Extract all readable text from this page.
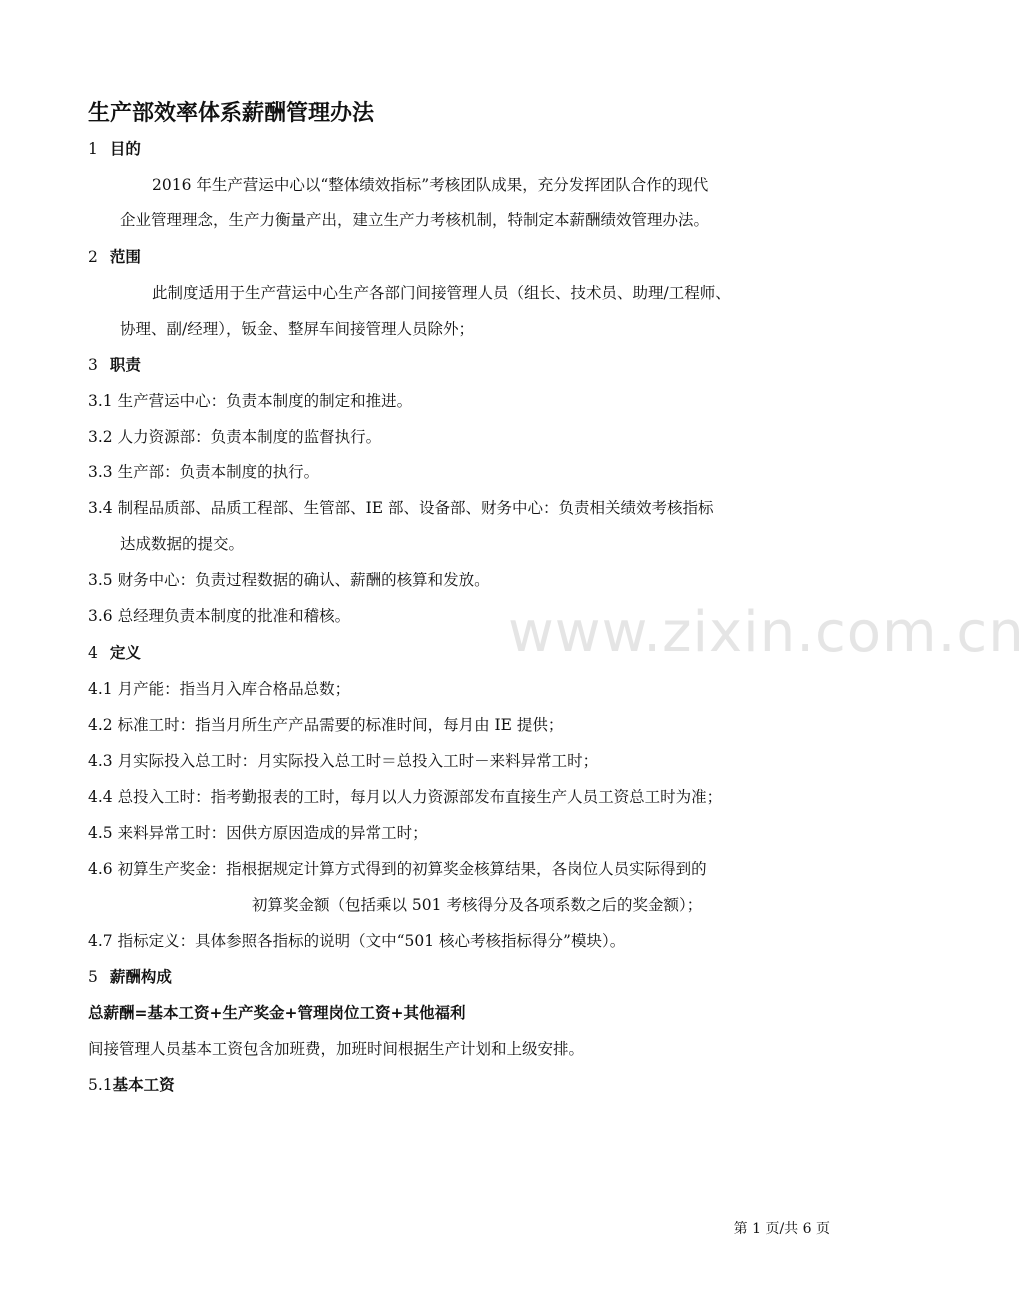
生产部效率体系薪酬管理办法
1 目的
2016 年生产营运中心以“整体绩效指标”考核团队成果，充分发挥团队合作的现代
企业管理理念，生产力衡量产出，建立生产力考核机制，特制定本薪酬绩效管理办法。
2 范围
此制度适用于生产营运中心生产各部门间接管理人员（组长、技术员、助理/工程师、
协理、副/经理），钣金、整屏车间接管理人员除外；
3 职责
3.1 生产营运中心：负责本制度的制定和推进。
3.2 人力资源部：负责本制度的监督执行。
3.3 生产部：负责本制度的执行。
3.4 制程品质部、品质工程部、生管部、IE 部、设备部、财务中心：负责相关绩效考核指标
达成数据的提交。
3.5 财务中心：负责过程数据的确认、薪酬的核算和发放。
3.6 总经理负责本制度的批准和稽核。
4 定义
4.1 月产能：指当月入库合格品总数；
4.2 标准工时：指当月所生产产品需要的标准时间，每月由 IE 提供；
4.3 月实际投入总工时：月实际投入总工时＝总投入工时－来料异常工时；
4.4 总投入工时：指考勤报表的工时，每月以人力资源部发布直接生产人员工资总工时为准；
4.5 来料异常工时：因供方原因造成的异常工时；
4.6 初算生产奖金：指根据规定计算方式得到的初算奖金核算结果，各岗位人员实际得到的
初算奖金额（包括乘以 501 考核得分及各项系数之后的奖金额）；
4.7 指标定义：具体参照各指标的说明（文中“501 核心考核指标得分”模块）。
5 薪酬构成
总薪酬=基本工资+生产奖金+管理岗位工资+其他福利
间接管理人员基本工资包含加班费，加班时间根据生产计划和上级安排。
5.1基本工资
www.zixin.com.cn
第 1 页/共 6 页
